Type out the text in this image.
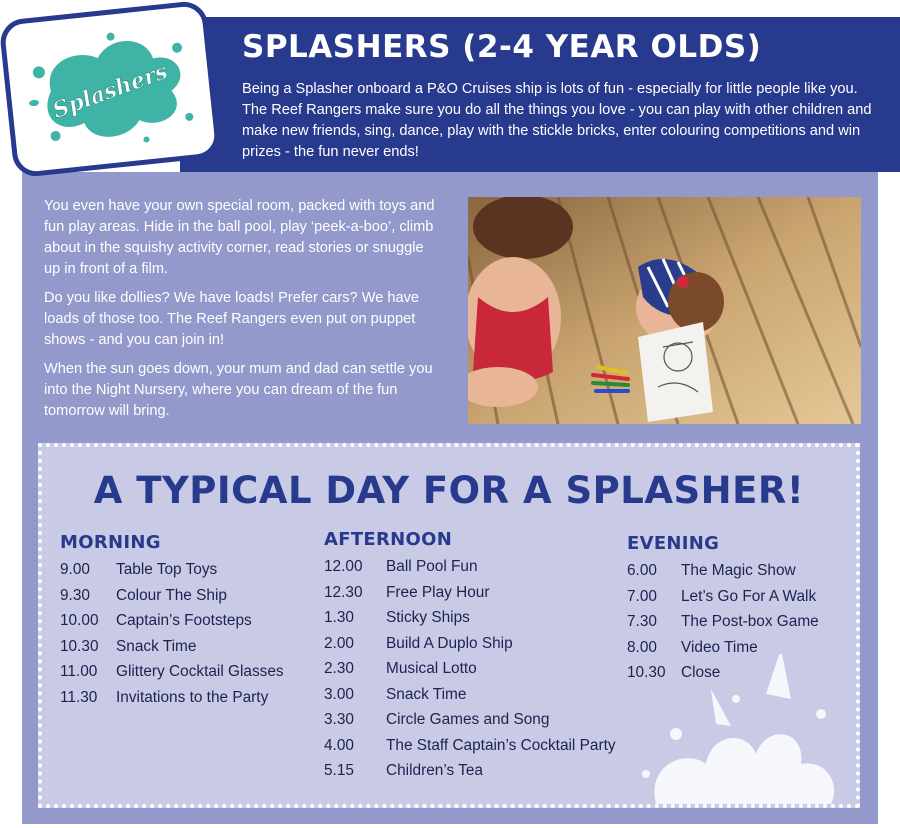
SPLASHERS (2-4 YEAR OLDS)

Being a Splasher onboard a P&O Cruises ship is lots of fun - especially for little people like you. The Reef Rangers make sure you do all the things you love - you can play with other children and make new friends, sing, dance, play with the stickle bricks, enter colouring competitions and win prizes - the fun never ends!

Splashers

You even have your own special room, packed with toys and fun play areas. Hide in the ball pool, play ‘peek-a-boo’, climb about in the squishy activity corner, read stories or snuggle up in front of a film.

Do you like dollies? We have loads! Prefer cars? We have loads of those too. The Reef Rangers even put on puppet shows - and you can join in!

When the sun goes down, your mum and dad can settle you into the Night Nursery, where you can dream of the fun tomorrow will bring.

A TYPICAL DAY FOR A SPLASHER!
MORNING
9.00	Table Top Toys
9.30	Colour The Ship
10.00	Captain’s Footsteps
10.30	Snack Time
11.00	Glittery Cocktail Glasses
11.30	Invitations to the Party
AFTERNOON
12.00	Ball Pool Fun
12.30	Free Play Hour
1.30	Sticky Ships
2.00	Build A Duplo Ship
2.30	Musical Lotto
3.00	Snack Time
3.30	Circle Games and Song
4.00	The Staff Captain’s Cocktail Party
5.15	Children’s Tea
EVENING
6.00	The Magic Show
7.00	Let’s Go For A Walk
7.30	The Post-box Game
8.00	Video Time
10.30	Close
